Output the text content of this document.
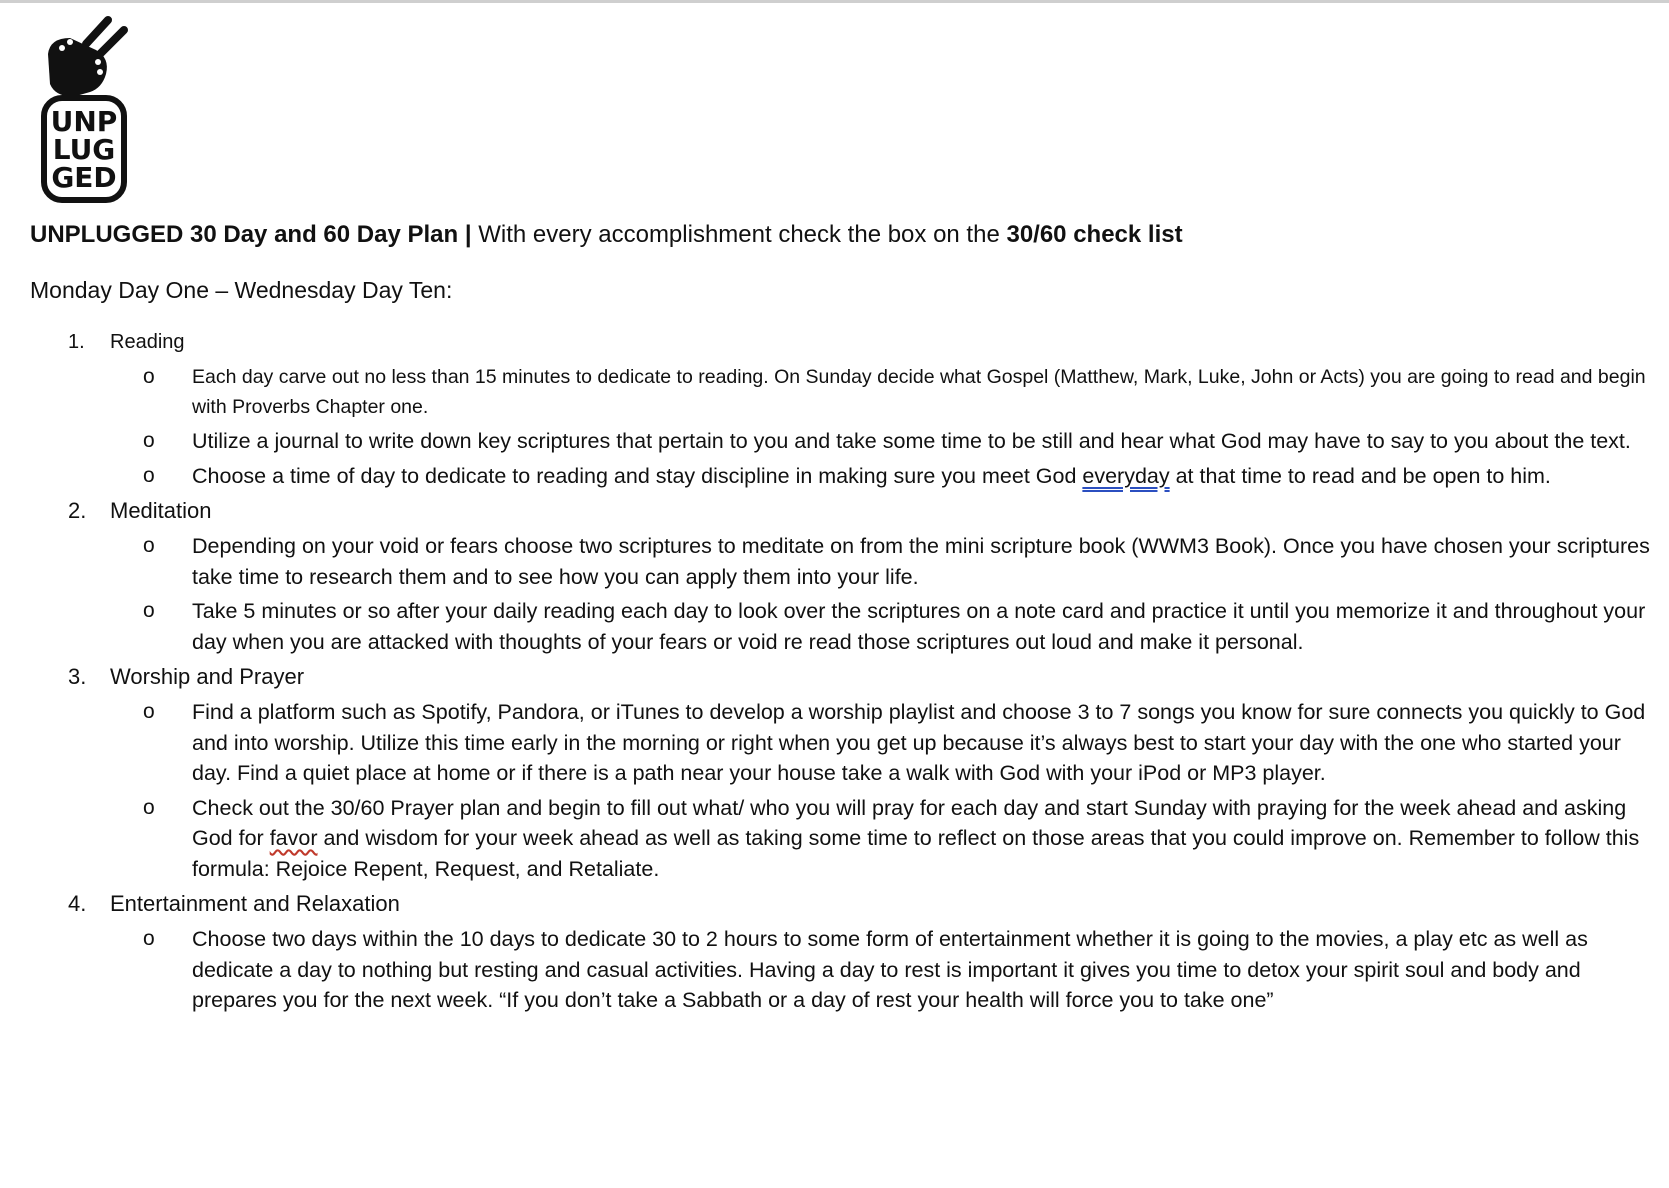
UNP
LUG
GED

UNPLUGGED 30 Day and 60 Day Plan | With every accomplishment check the box on the 30/60 check list

Monday Day One – Wednesday Day Ten:

1. Reading
o Each day carve out no less than 15 minutes to dedicate to reading. On Sunday decide what Gospel (Matthew, Mark, Luke, John or Acts) you are going to read and begin with Proverbs Chapter one.
o Utilize a journal to write down key scriptures that pertain to you and take some time to be still and hear what God may have to say to you about the text.
o Choose a time of day to dedicate to reading and stay discipline in making sure you meet God everyday at that time to read and be open to him.
2. Meditation
o Depending on your void or fears choose two scriptures to meditate on from the mini scripture book (WWM3 Book). Once you have chosen your scriptures take time to research them and to see how you can apply them into your life.
o Take 5 minutes or so after your daily reading each day to look over the scriptures on a note card and practice it until you memorize it and throughout your day when you are attacked with thoughts of your fears or void re read those scriptures out loud and make it personal.
3. Worship and Prayer
o Find a platform such as Spotify, Pandora, or iTunes to develop a worship playlist and choose 3 to 7 songs you know for sure connects you quickly to God and into worship. Utilize this time early in the morning or right when you get up because it’s always best to start your day with the one who started your day. Find a quiet place at home or if there is a path near your house take a walk with God with your iPod or MP3 player.
o Check out the 30/60 Prayer plan and begin to fill out what/ who you will pray for each day and start Sunday with praying for the week ahead and asking God for favor and wisdom for your week ahead as well as taking some time to reflect on those areas that you could improve on. Remember to follow this formula: Rejoice Repent, Request, and Retaliate.
4. Entertainment and Relaxation
o Choose two days within the 10 days to dedicate 30 to 2 hours to some form of entertainment whether it is going to the movies, a play etc as well as dedicate a day to nothing but resting and casual activities. Having a day to rest is important it gives you time to detox your spirit soul and body and prepares you for the next week. “If you don’t take a Sabbath or a day of rest your health will force you to take one”
